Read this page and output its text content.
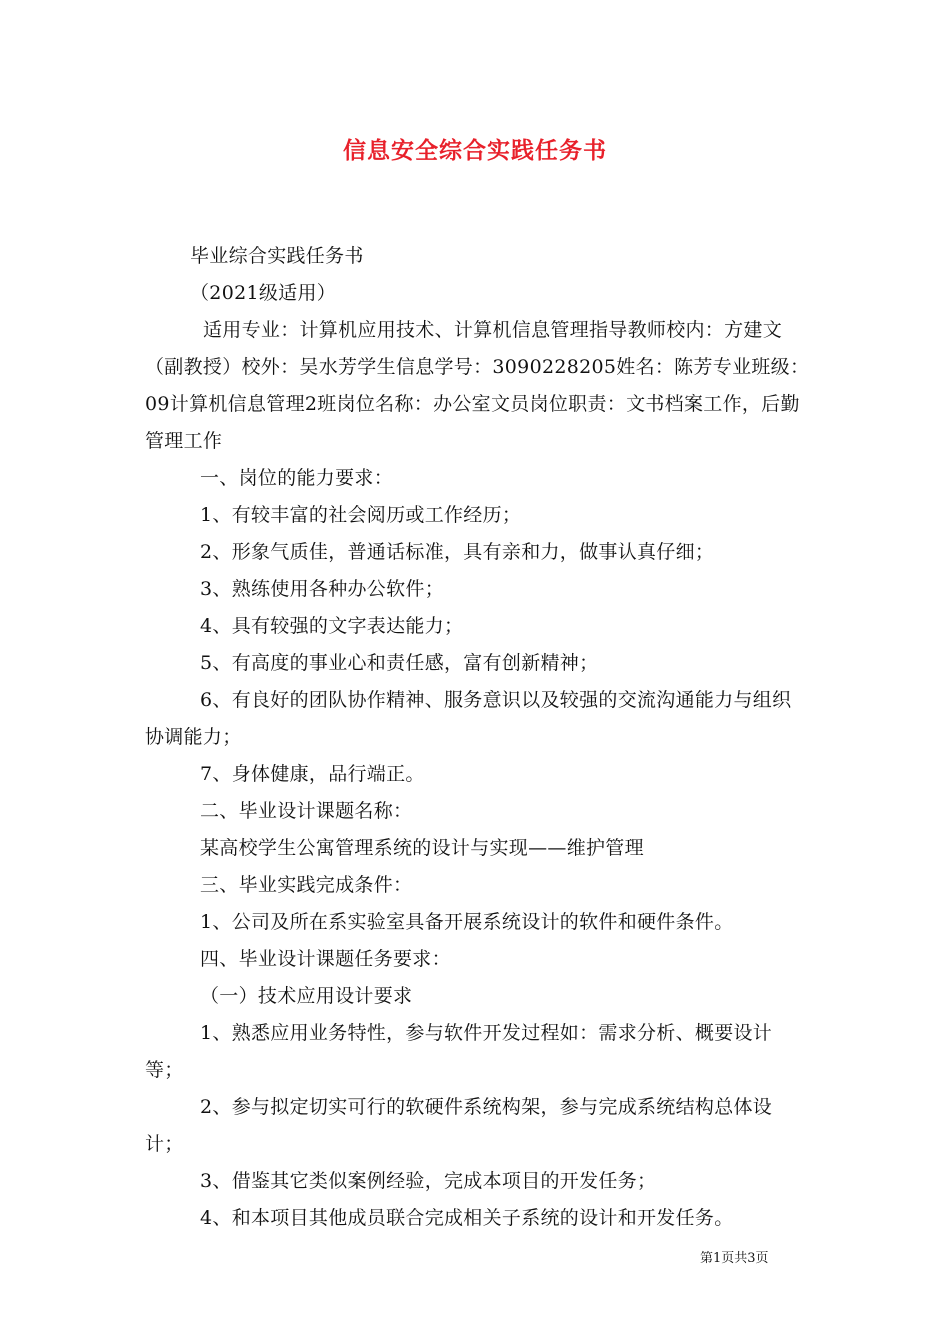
信息安全综合实践任务书

毕业综合实践任务书

（2021级适用）

适用专业：计算机应用技术、计算机信息管理指导教师校内：方建文（副教授）校外：吴水芳学生信息学号：3090228205姓名：陈芳专业班级：09计算机信息管理2班岗位名称：办公室文员岗位职责：文书档案工作，后勤管理工作

一、岗位的能力要求：

1、有较丰富的社会阅历或工作经历；

2、形象气质佳，普通话标准，具有亲和力，做事认真仔细；

3、熟练使用各种办公软件；

4、具有较强的文字表达能力；

5、有高度的事业心和责任感，富有创新精神；

6、有良好的团队协作精神、服务意识以及较强的交流沟通能力与组织协调能力；

7、身体健康，品行端正。

二、毕业设计课题名称：

某高校学生公寓管理系统的设计与实现——维护管理

三、毕业实践完成条件：

1、公司及所在系实验室具备开展系统设计的软件和硬件条件。

四、毕业设计课题任务要求：

（一）技术应用设计要求

1、熟悉应用业务特性，参与软件开发过程如：需求分析、概要设计等；

2、参与拟定切实可行的软硬件系统构架，参与完成系统结构总体设计；

3、借鉴其它类似案例经验，完成本项目的开发任务；

4、和本项目其他成员联合完成相关子系统的设计和开发任务。

第1页共3页
